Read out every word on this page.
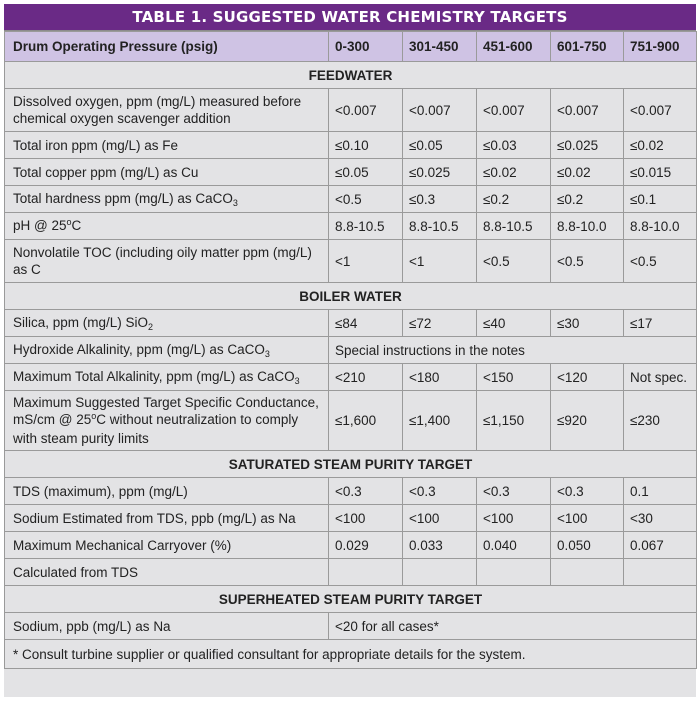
TABLE 1. SUGGESTED WATER CHEMISTRY TARGETS
Drum Operating Pressure (psig)	0-300	301-450	451-600	601-750	751-900
FEEDWATER					
Dissolved oxygen, ppm (mg/L) measured before chemical oxygen scavenger addition	<0.007	<0.007	<0.007	<0.007	<0.007
Total iron ppm (mg/L) as Fe	≤0.10	≤0.05	≤0.03	≤0.025	≤0.02
Total copper ppm (mg/L) as Cu	≤0.05	≤0.025	≤0.02	≤0.02	≤0.015
Total hardness ppm (mg/L) as CaCO$_3$	<0.5	≤0.3	≤0.2	≤0.2	≤0.1
pH @ 25$^o$C	8.8-10.5	8.8-10.5	8.8-10.5	8.8-10.0	8.8-10.0
Nonvolatile TOC (including oily matter ppm (mg/L) as C	<1	<1	<0.5	<0.5	<0.5
BOILER WATER					
Silica, ppm (mg/L) SiO$_2$	≤84	≤72	≤40	≤30	≤17
Hydroxide Alkalinity, ppm (mg/L) as CaCO$_3$	Special instructions in the notes				
Maximum Total Alkalinity, ppm (mg/L) as CaCO$_3$	<210	<180	<150	<120	Not spec.
Maximum Suggested Target Specific Conductance, mS/cm @ 25$^o$C without neutralization to comply with steam purity limits	≤1,600	≤1,400	≤1,150	≤920	≤230
SATURATED STEAM PURITY TARGET					
TDS (maximum), ppm (mg/L)	<0.3	<0.3	<0.3	<0.3	0.1
Sodium Estimated from TDS, ppb (mg/L) as Na	<100	<100	<100	<100	<30
Maximum Mechanical Carryover (%)	0.029	0.033	0.040	0.050	0.067
Calculated from TDS					
SUPERHEATED STEAM PURITY TARGET					
Sodium, ppb (mg/L) as Na	<20 for all cases*				
* Consult turbine supplier or qualified consultant for appropriate details for the system.					
